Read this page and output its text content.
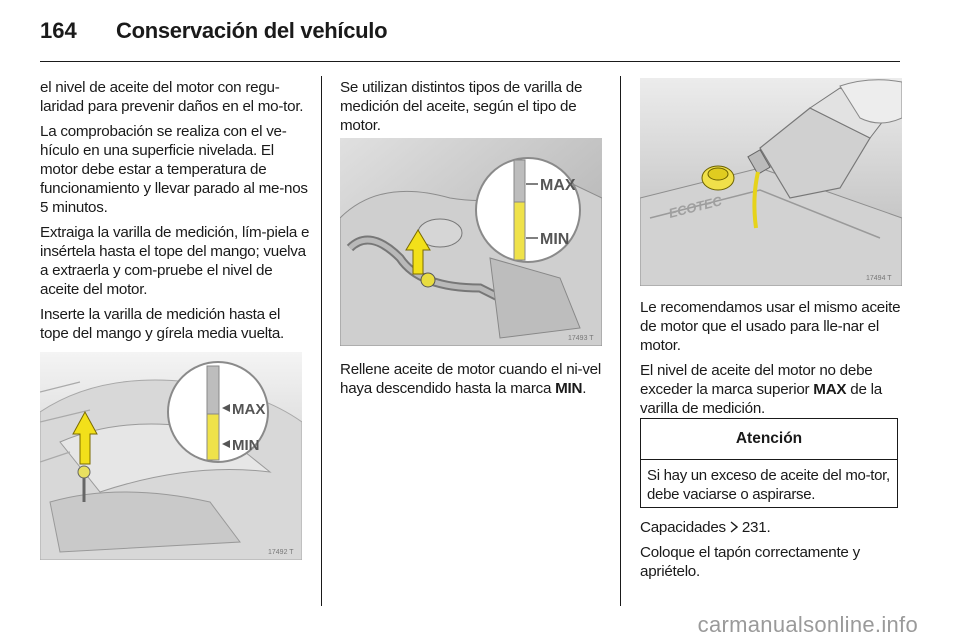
164 Conservación del vehículo

el nivel de aceite del motor con regu-laridad para prevenir daños en el mo-tor.

La comprobación se realiza con el ve-hículo en una superficie nivelada. El motor debe estar a temperatura de funcionamiento y llevar parado al me-nos 5 minutos.

Extraiga la varilla de medición, lím-piela e insértela hasta el tope del mango; vuelva a extraerla y com-pruebe el nivel de aceite del motor.

Inserte la varilla de medición hasta el tope del mango y gírela media vuelta.

MAX
MIN
17492 T

Se utilizan distintos tipos de varilla de medición del aceite, según el tipo de motor.

MAX
MIN
17493 T

Rellene aceite de motor cuando el ni-vel haya descendido hasta la marca MIN.

ECOTEC
17494 T

Le recomendamos usar el mismo aceite de motor que el usado para lle-nar el motor.

El nivel de aceite del motor no debe exceder la marca superior MAX de la varilla de medición.

Atención
Si hay un exceso de aceite del mo-tor, debe vaciarse o aspirarse.

Capacidades  231.

Coloque el tapón correctamente y apriételo.

carmanualsonline.info
